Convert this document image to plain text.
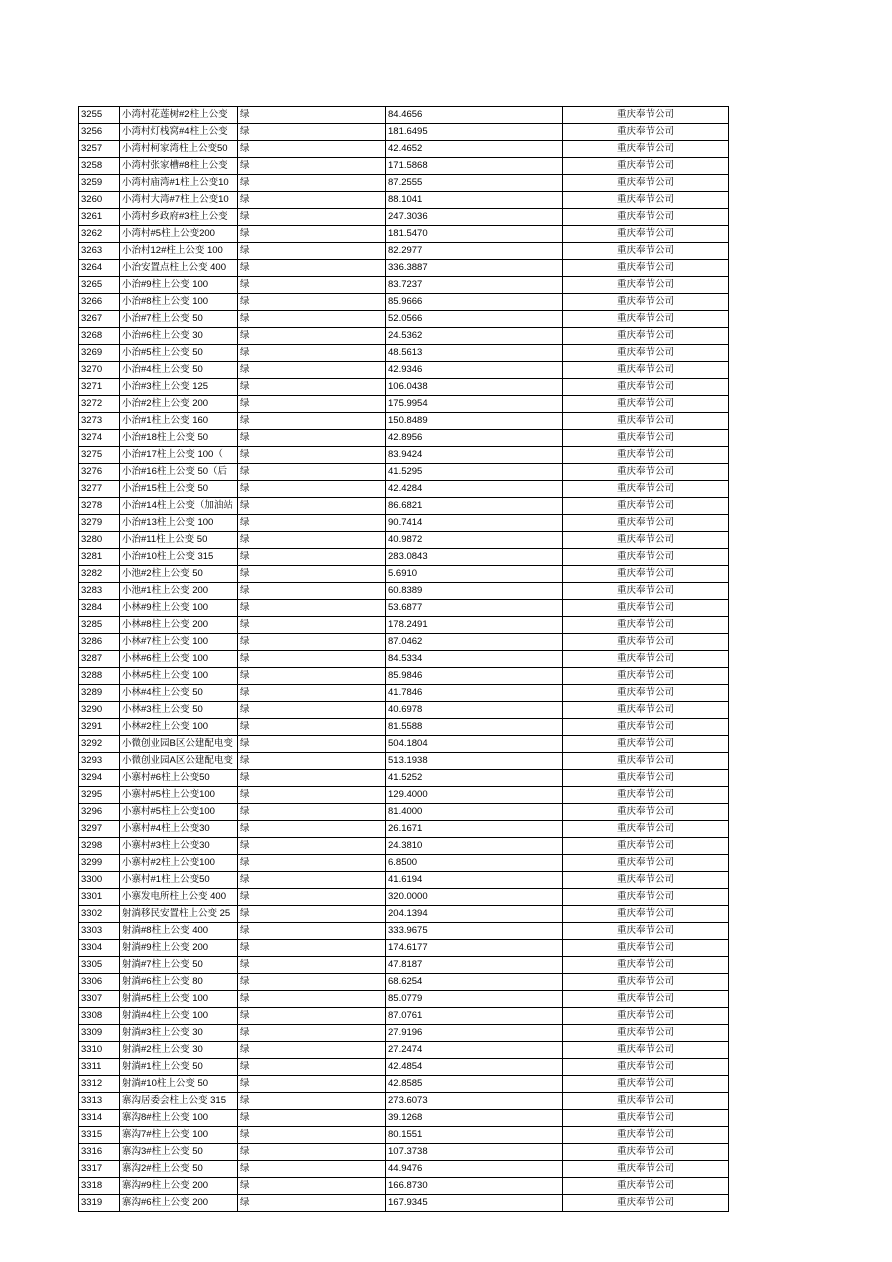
3255	小湾村花莲树#2柱上公变	绿	84.4656	重庆奉节公司
3256	小湾村灯栈窝#4柱上公变	绿	181.6495	重庆奉节公司
3257	小湾村柯家湾柱上公变50	绿	42.4652	重庆奉节公司
3258	小湾村张家槽#8柱上公变	绿	171.5868	重庆奉节公司
3259	小湾村庙湾#1柱上公变10	绿	87.2555	重庆奉节公司
3260	小湾村大湾#7柱上公变10	绿	88.1041	重庆奉节公司
3261	小湾村乡政府#3柱上公变	绿	247.3036	重庆奉节公司
3262	小湾村#5柱上公变200	绿	181.5470	重庆奉节公司
3263	小治村12#柱上公变 100	绿	82.2977	重庆奉节公司
3264	小治安置点柱上公变 400	绿	336.3887	重庆奉节公司
3265	小治#9柱上公变 100	绿	83.7237	重庆奉节公司
3266	小治#8柱上公变 100	绿	85.9666	重庆奉节公司
3267	小治#7柱上公变 50	绿	52.0566	重庆奉节公司
3268	小治#6柱上公变 30	绿	24.5362	重庆奉节公司
3269	小治#5柱上公变 50	绿	48.5613	重庆奉节公司
3270	小治#4柱上公变 50	绿	42.9346	重庆奉节公司
3271	小治#3柱上公变 125	绿	106.0438	重庆奉节公司
3272	小治#2柱上公变 200	绿	175.9954	重庆奉节公司
3273	小治#1柱上公变 160	绿	150.8489	重庆奉节公司
3274	小治#18柱上公变 50	绿	42.8956	重庆奉节公司
3275	小治#17柱上公变 100（	绿	83.9424	重庆奉节公司
3276	小治#16柱上公变 50（后	绿	41.5295	重庆奉节公司
3277	小治#15柱上公变 50	绿	42.4284	重庆奉节公司
3278	小治#14柱上公变（加油站	绿	86.6821	重庆奉节公司
3279	小治#13柱上公变 100	绿	90.7414	重庆奉节公司
3280	小治#11柱上公变 50	绿	40.9872	重庆奉节公司
3281	小治#10柱上公变 315	绿	283.0843	重庆奉节公司
3282	小池#2柱上公变 50	绿	5.6910	重庆奉节公司
3283	小池#1柱上公变 200	绿	60.8389	重庆奉节公司
3284	小林#9柱上公变 100	绿	53.6877	重庆奉节公司
3285	小林#8柱上公变 200	绿	178.2491	重庆奉节公司
3286	小林#7柱上公变 100	绿	87.0462	重庆奉节公司
3287	小林#6柱上公变 100	绿	84.5334	重庆奉节公司
3288	小林#5柱上公变 100	绿	85.9846	重庆奉节公司
3289	小林#4柱上公变 50	绿	41.7846	重庆奉节公司
3290	小林#3柱上公变 50	绿	40.6978	重庆奉节公司
3291	小林#2柱上公变 100	绿	81.5588	重庆奉节公司
3292	小微创业园B区公建配电变	绿	504.1804	重庆奉节公司
3293	小微创业园A区公建配电变	绿	513.1938	重庆奉节公司
3294	小寨村#6柱上公变50	绿	41.5252	重庆奉节公司
3295	小寨村#5柱上公变100	绿	129.4000	重庆奉节公司
3296	小寨村#5柱上公变100	绿	81.4000	重庆奉节公司
3297	小寨村#4柱上公变30	绿	26.1671	重庆奉节公司
3298	小寨村#3柱上公变30	绿	24.3810	重庆奉节公司
3299	小寨村#2柱上公变100	绿	6.8500	重庆奉节公司
3300	小寨村#1柱上公变50	绿	41.6194	重庆奉节公司
3301	小寨发电所柱上公变 400	绿	320.0000	重庆奉节公司
3302	射淌移民安置柱上公变 25	绿	204.1394	重庆奉节公司
3303	射淌#8柱上公变 400	绿	333.9675	重庆奉节公司
3304	射淌#9柱上公变 200	绿	174.6177	重庆奉节公司
3305	射淌#7柱上公变 50	绿	47.8187	重庆奉节公司
3306	射淌#6柱上公变 80	绿	68.6254	重庆奉节公司
3307	射淌#5柱上公变 100	绿	85.0779	重庆奉节公司
3308	射淌#4柱上公变 100	绿	87.0761	重庆奉节公司
3309	射淌#3柱上公变 30	绿	27.9196	重庆奉节公司
3310	射淌#2柱上公变 30	绿	27.2474	重庆奉节公司
3311	射淌#1柱上公变 50	绿	42.4854	重庆奉节公司
3312	射淌#10柱上公变 50	绿	42.8585	重庆奉节公司
3313	寨沟居委会柱上公变 315	绿	273.6073	重庆奉节公司
3314	寨沟8#柱上公变 100	绿	39.1268	重庆奉节公司
3315	寨沟7#柱上公变 100	绿	80.1551	重庆奉节公司
3316	寨沟3#柱上公变 50	绿	107.3738	重庆奉节公司
3317	寨沟2#柱上公变 50	绿	44.9476	重庆奉节公司
3318	寨沟#9柱上公变 200	绿	166.8730	重庆奉节公司
3319	寨沟#6柱上公变 200	绿	167.9345	重庆奉节公司
